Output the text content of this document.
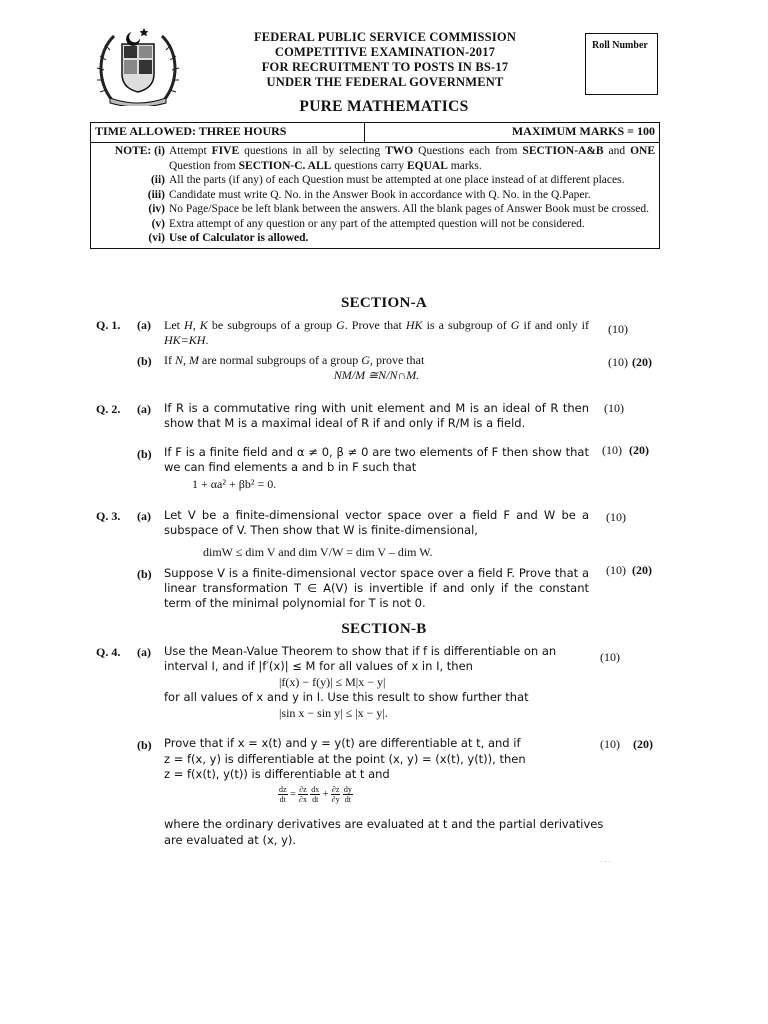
FEDERAL PUBLIC SERVICE COMMISSION
COMPETITIVE EXAMINATION-2017
FOR RECRUITMENT TO POSTS IN BS-17
UNDER THE FEDERAL GOVERNMENT
Roll Number
PURE MATHEMATICS
TIME ALLOWED: THREE HOURS	MAXIMUM MARKS = 100

NOTE: (i) Attempt FIVE questions in all by selecting TWO Questions each from SECTION-A&B and ONE Question from SECTION-C. ALL questions carry EQUAL marks.
(ii) All the parts (if any) of each Question must be attempted at one place instead of at different places.
(iii) Candidate must write Q. No. in the Answer Book in accordance with Q. No. in the Q.Paper.
(iv) No Page/Space be left blank between the answers. All the blank pages of Answer Book must be crossed.
(v) Extra attempt of any question or any part of the attempted question will not be considered.
(vi) Use of Calculator is allowed.
SECTION-A
Q. 1. (a) Let H, K be subgroups of a group G. Prove that HK is a subgroup of G if and only if HK=KH.
(10)
(b) If N, M are normal subgroups of a group G, prove that
NM/M ≅N/N∩M.
(10) (20)
Q. 2. (a) If R is a commutative ring with unit element and M is an ideal of R then show that M is a maximal ideal of R if and only if R/M is a field.
(10)
(b) If F is a finite field and α ≠ 0, β ≠ 0 are two elements of F then show that we can find elements a and b in F such that
1 + αa² + βb² = 0.
(10) (20)
Q. 3. (a) Let V be a finite-dimensional vector space over a field F and W be a subspace of V. Then show that W is finite-dimensional,
dimW ≤ dim V and dim V/W = dim V – dim W.
(10)
(b) Suppose V is a finite-dimensional vector space over a field F. Prove that a linear transformation T ∈ A(V) is invertible if and only if the constant term of the minimal polynomial for T is not 0.
(10) (20)
SECTION-B
Q. 4. (a) Use the Mean-Value Theorem to show that if f is differentiable on an
interval I, and if |f′(x)| ≤ M for all values of x in I, then
|f(x) − f(y)| ≤ M|x − y|
for all values of x and y in I. Use this result to show further that
|sin x − sin y| ≤ |x − y|.
(10)
(b) Prove that if x = x(t) and y = y(t) are differentiable at t, and if
z = f(x, y) is differentiable at the point (x, y) = (x(t), y(t)), then
z = f(x(t), y(t)) is differentiable at t and
$\frac{dz}{dt} = \frac{\partial z}{\partial x}$
$\frac{dx}{dt} + \frac{\partial z}{\partial y}$
$\frac{dy}{dt}$
where the ordinary derivatives are evaluated at t and the partial derivatives
are evaluated at (x, y).
(10) (20)
· · ·
